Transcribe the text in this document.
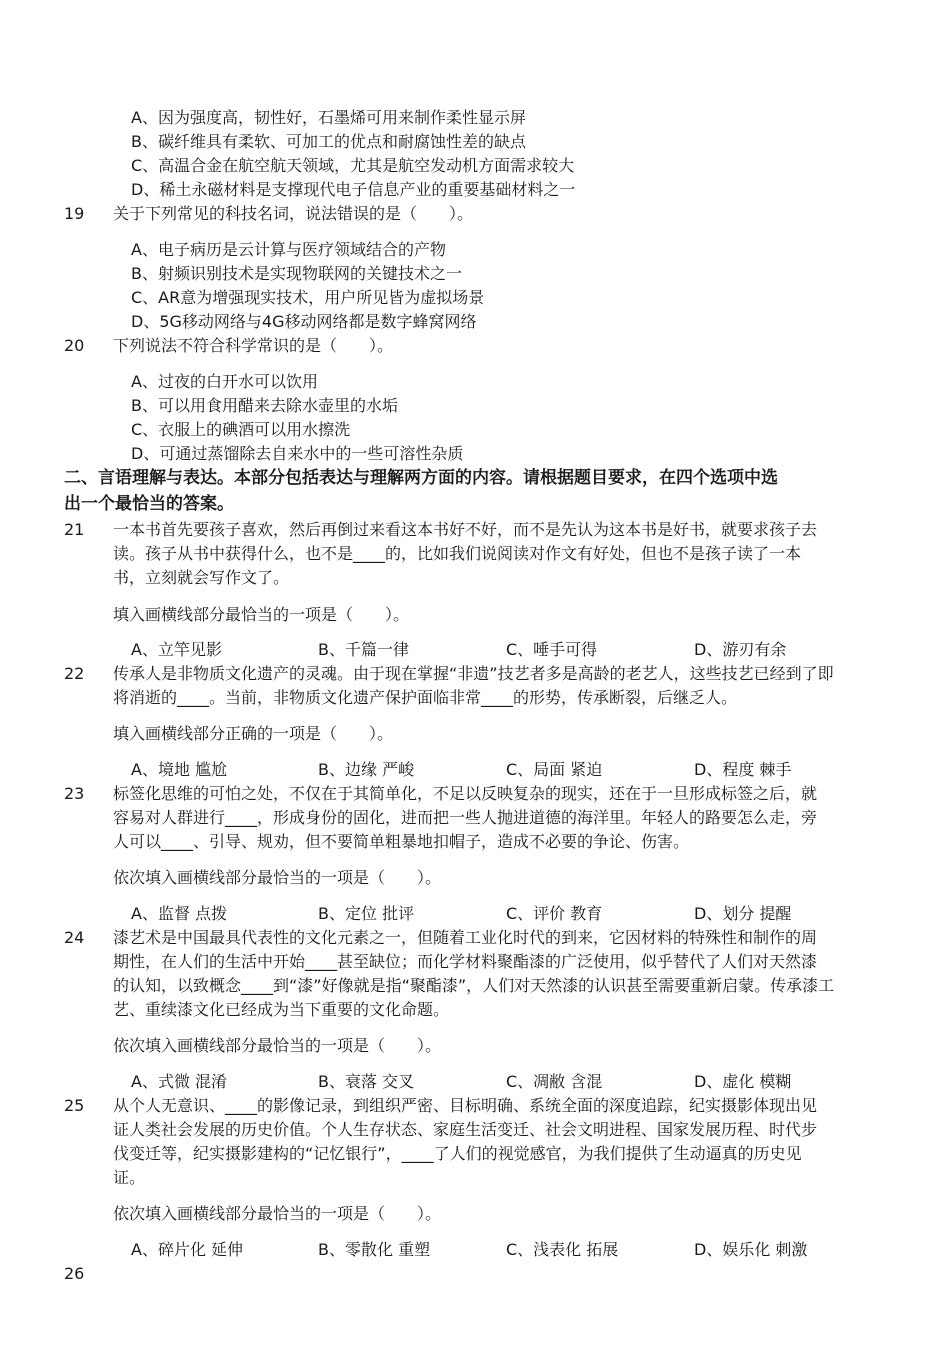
A、因为强度高，韧性好，石墨烯可用来制作柔性显示屏
B、碳纤维具有柔软、可加工的优点和耐腐蚀性差的缺点
C、高温合金在航空航天领域，尤其是航空发动机方面需求较大
D、稀土永磁材料是支撑现代电子信息产业的重要基础材料之一
19 关于下列常见的科技名词，说法错误的是（　　）。
A、电子病历是云计算与医疗领域结合的产物
B、射频识别技术是实现物联网的关键技术之一
C、AR意为增强现实技术，用户所见皆为虚拟场景
D、5G移动网络与4G移动网络都是数字蜂窝网络
20 下列说法不符合科学常识的是（　　）。
A、过夜的白开水可以饮用
B、可以用食用醋来去除水壶里的水垢
C、衣服上的碘酒可以用水擦洗
D、可通过蒸馏除去自来水中的一些可溶性杂质
二、言语理解与表达。本部分包括表达与理解两方面的内容。请根据题目要求，在四个选项中选
出一个最恰当的答案。
21 一本书首先要孩子喜欢，然后再倒过来看这本书好不好，而不是先认为这本书是好书，就要求孩子去
读。孩子从书中获得什么，也不是____的，比如我们说阅读对作文有好处，但也不是孩子读了一本
书，立刻就会写作文了。
填入画横线部分最恰当的一项是（　　）。
A、立竿见影	B、千篇一律	C、唾手可得	D、游刃有余
22 传承人是非物质文化遗产的灵魂。由于现在掌握“非遗”技艺者多是高龄的老艺人，这些技艺已经到了即
将消逝的____。当前，非物质文化遗产保护面临非常____的形势，传承断裂，后继乏人。
填入画横线部分正确的一项是（　　）。
A、境地 尴尬	B、边缘 严峻	C、局面 紧迫	D、程度 棘手
23 标签化思维的可怕之处，不仅在于其简单化，不足以反映复杂的现实，还在于一旦形成标签之后，就
容易对人群进行____，形成身份的固化，进而把一些人抛进道德的海洋里。年轻人的路要怎么走，旁
人可以____、引导、规劝，但不要简单粗暴地扣帽子，造成不必要的争论、伤害。
依次填入画横线部分最恰当的一项是（　　）。
A、监督 点拨	B、定位 批评	C、评价 教育	D、划分 提醒
24 漆艺术是中国最具代表性的文化元素之一，但随着工业化时代的到来，它因材料的特殊性和制作的周
期性，在人们的生活中开始____甚至缺位；而化学材料聚酯漆的广泛使用，似乎替代了人们对天然漆
的认知，以致概念____到“漆”好像就是指“聚酯漆”，人们对天然漆的认识甚至需要重新启蒙。传承漆工
艺、重续漆文化已经成为当下重要的文化命题。
依次填入画横线部分最恰当的一项是（　　）。
A、式微 混淆	B、衰落 交叉	C、凋敝 含混	D、虚化 模糊
25 从个人无意识、____的影像记录，到组织严密、目标明确、系统全面的深度追踪，纪实摄影体现出见
证人类社会发展的历史价值。个人生存状态、家庭生活变迁、社会文明进程、国家发展历程、时代步
伐变迁等，纪实摄影建构的“记忆银行”，____了人们的视觉感官，为我们提供了生动逼真的历史见
证。
依次填入画横线部分最恰当的一项是（　　）。
A、碎片化 延伸	B、零散化 重塑	C、浅表化 拓展	D、娱乐化 刺激
26
